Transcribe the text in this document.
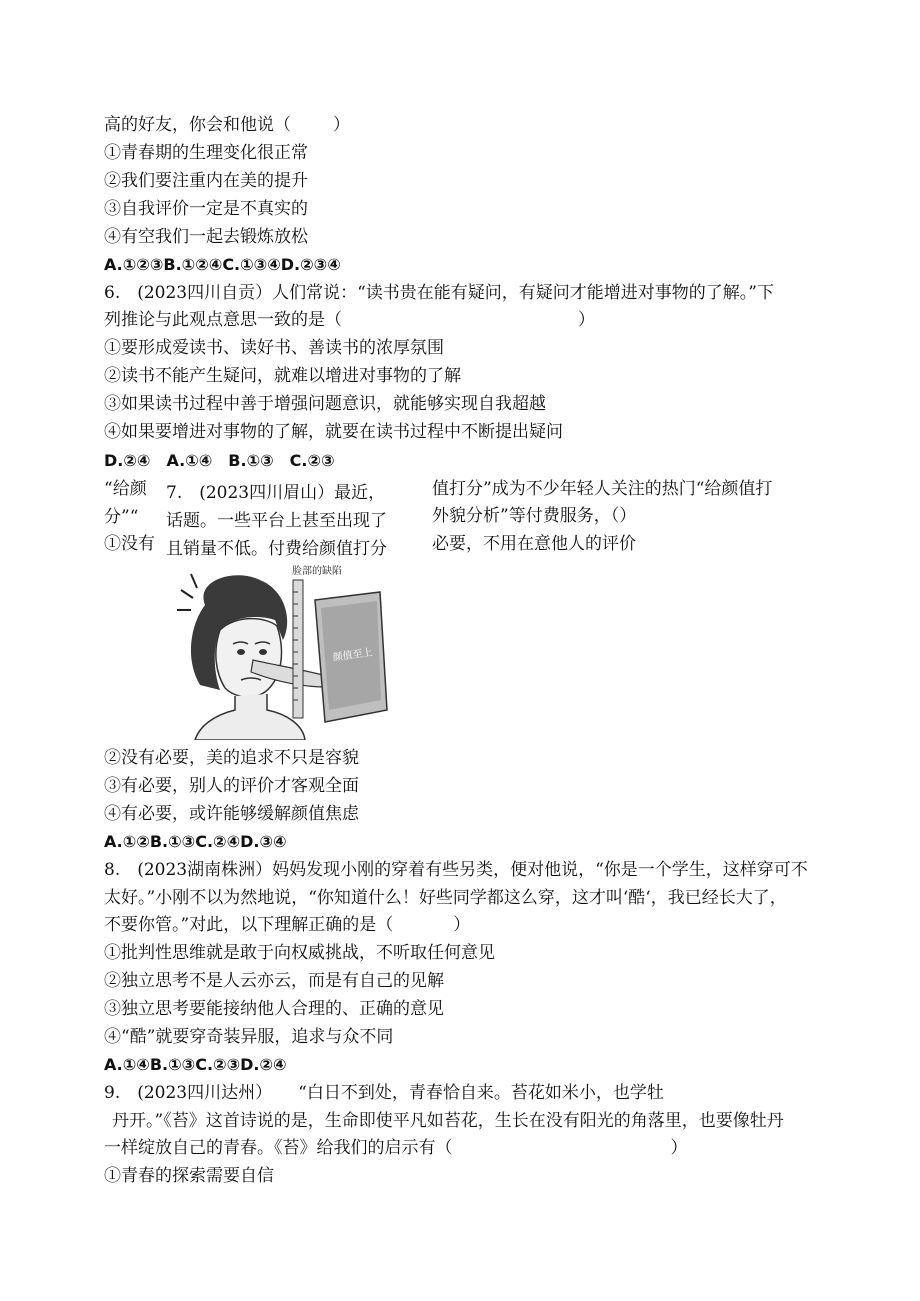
高的好友，你会和他说（ ）
①青春期的生理变化很正常
②我们要注重内在美的提升
③自我评价一定是不真实的
④有空我们一起去锻炼放松
A.①②③B.①②④C.①③④D.②③④
6.　(2023四川自贡）人们常说：“读书贵在能有疑问，有疑问才能增进对事物的了解。”下
列推论与此观点意思一致的是（	）
①要形成爱读书、读好书、善读书的浓厚氛围
②读书不能产生疑问，就难以增进对事物的了解
③如果读书过程中善于增强问题意识，就能够实现自我超越
④如果要增进对事物的了解，就要在读书过程中不断提出疑问
D.②④　A.①④　B.①③　C.②③
“给颜
分”“
①没有
7.　(2023四川眉山）最近，
话题。一些平台上甚至出现了
且销量不低。付费给颜值打分
值打分”成为不少年轻人关注的热门“给颜值打
外貌分析”等付费服务，（）
必要，不用在意他人的评价
颜值至上
脸部的缺陷
②没有必要，美的追求不只是容貌
③有必要，别人的评价才客观全面
④有必要，或许能够缓解颜值焦虑
A.①②B.①③C.②④D.③④
8.　(2023湖南株洲）妈妈发现小刚的穿着有些另类，便对他说，“你是一个学生，这样穿可不
太好。”小刚不以为然地说，“你知道什么！好些同学都这么穿，这才叫‘酷‘，我已经长大了，
不要你管。”对此，以下理解正确的是（	）
①批判性思维就是敢于向权威挑战，不听取任何意见
②独立思考不是人云亦云，而是有自己的见解
③独立思考要能接纳他人合理的、正确的意见
④“酷”就要穿奇装异服，追求与众不同
A.①④B.①③C.②③D.②④
9.　(2023四川达州） “白日不到处，青春恰自来。苔花如米小，也学牡
丹开。”《苔》这首诗说的是，生命即使平凡如苔花，生长在没有阳光的角落里，也要像牡丹
一样绽放自己的青春。《苔》给我们的启示有（	）
①青春的探索需要自信
